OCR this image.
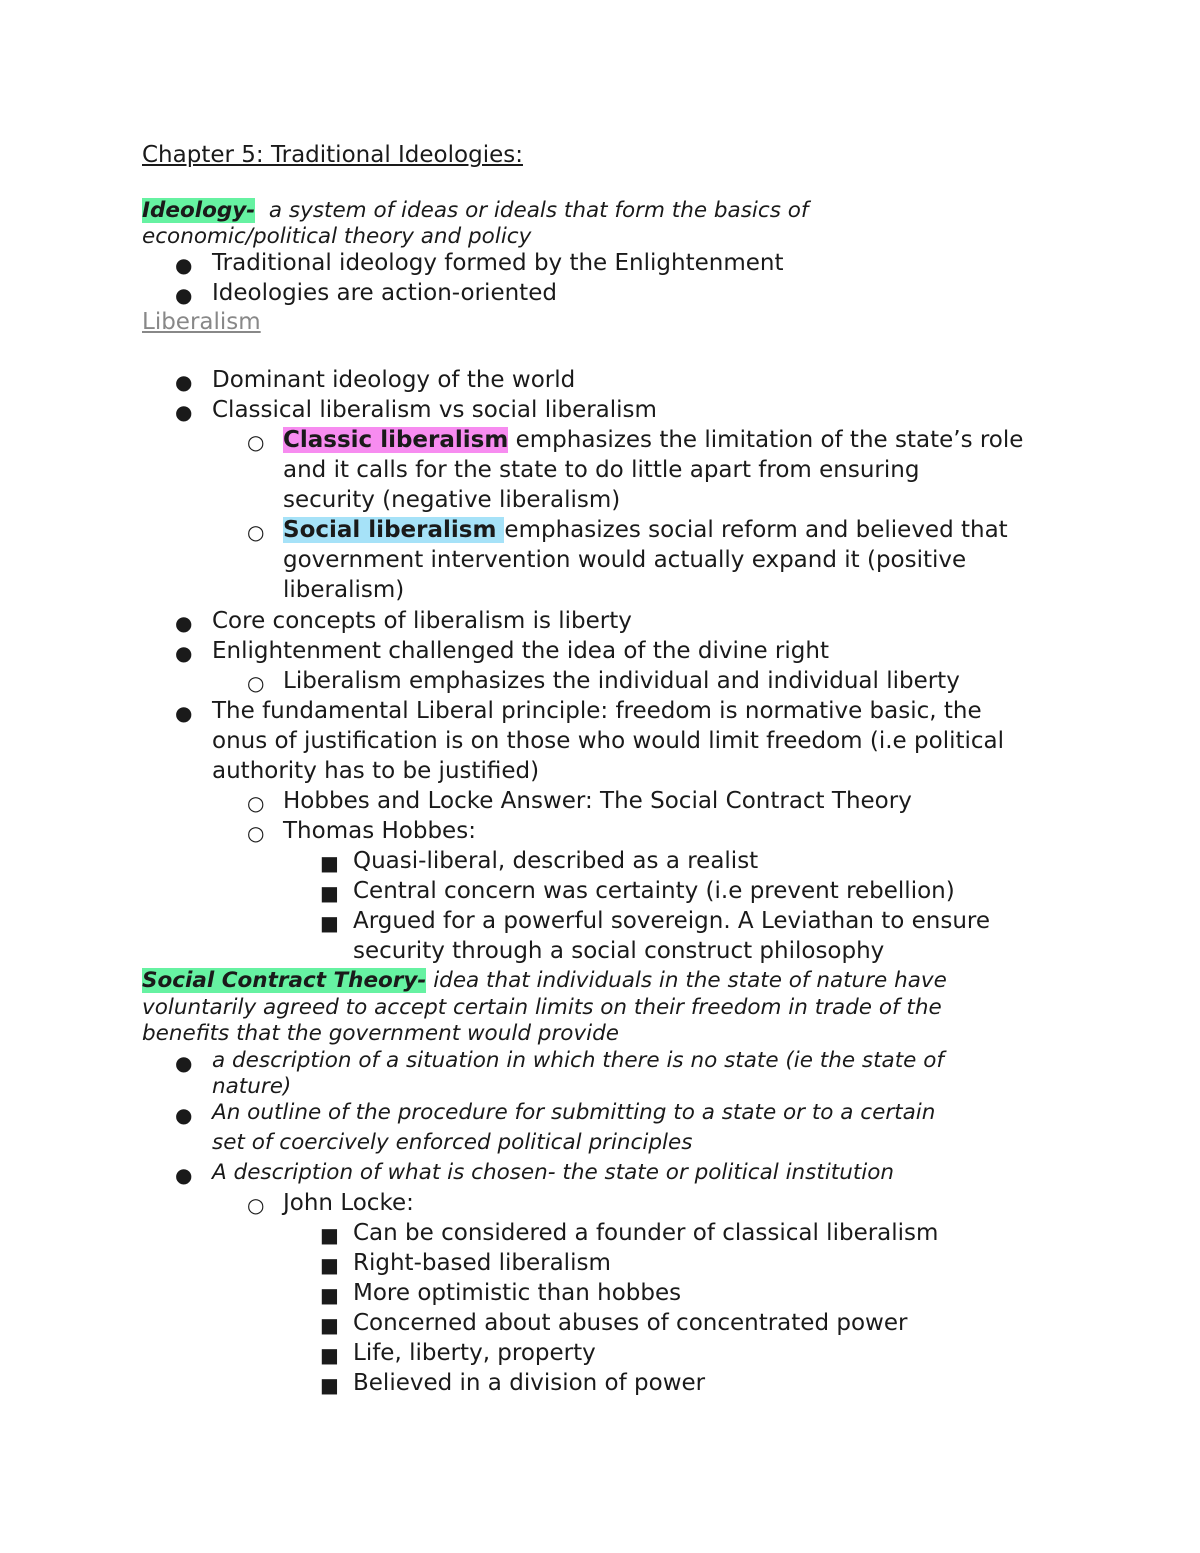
Chapter 5: Traditional Ideologies:
Ideology-  a system of ideas or ideals that form the basics of
economic/political theory and policy
● Traditional ideology formed by the Enlightenment
● Ideologies are action-oriented
Liberalism
● Dominant ideology of the world
● Classical liberalism vs social liberalism
○ Classic liberalism emphasizes the limitation of the state’s role
and it calls for the state to do little apart from ensuring
security (negative liberalism)
○ Social liberalism emphasizes social reform and believed that
government intervention would actually expand it (positive
liberalism)
● Core concepts of liberalism is liberty
● Enlightenment challenged the idea of the divine right
○ Liberalism emphasizes the individual and individual liberty
● The fundamental Liberal principle: freedom is normative basic, the
onus of justification is on those who would limit freedom (i.e political
authority has to be justified)
○ Hobbes and Locke Answer: The Social Contract Theory
○ Thomas Hobbes:
■ Quasi-liberal, described as a realist
■ Central concern was certainty (i.e prevent rebellion)
■ Argued for a powerful sovereign. A Leviathan to ensure
security through a social construct philosophy
Social Contract Theory- idea that individuals in the state of nature have
voluntarily agreed to accept certain limits on their freedom in trade of the
benefits that the government would provide
● a description of a situation in which there is no state (ie the state of
nature)
● An outline of the procedure for submitting to a state or to a certain
set of coercively enforced political principles
● A description of what is chosen- the state or political institution
○ John Locke:
■ Can be considered a founder of classical liberalism
■ Right-based liberalism
■ More optimistic than hobbes
■ Concerned about abuses of concentrated power
■ Life, liberty, property
■ Believed in a division of power
